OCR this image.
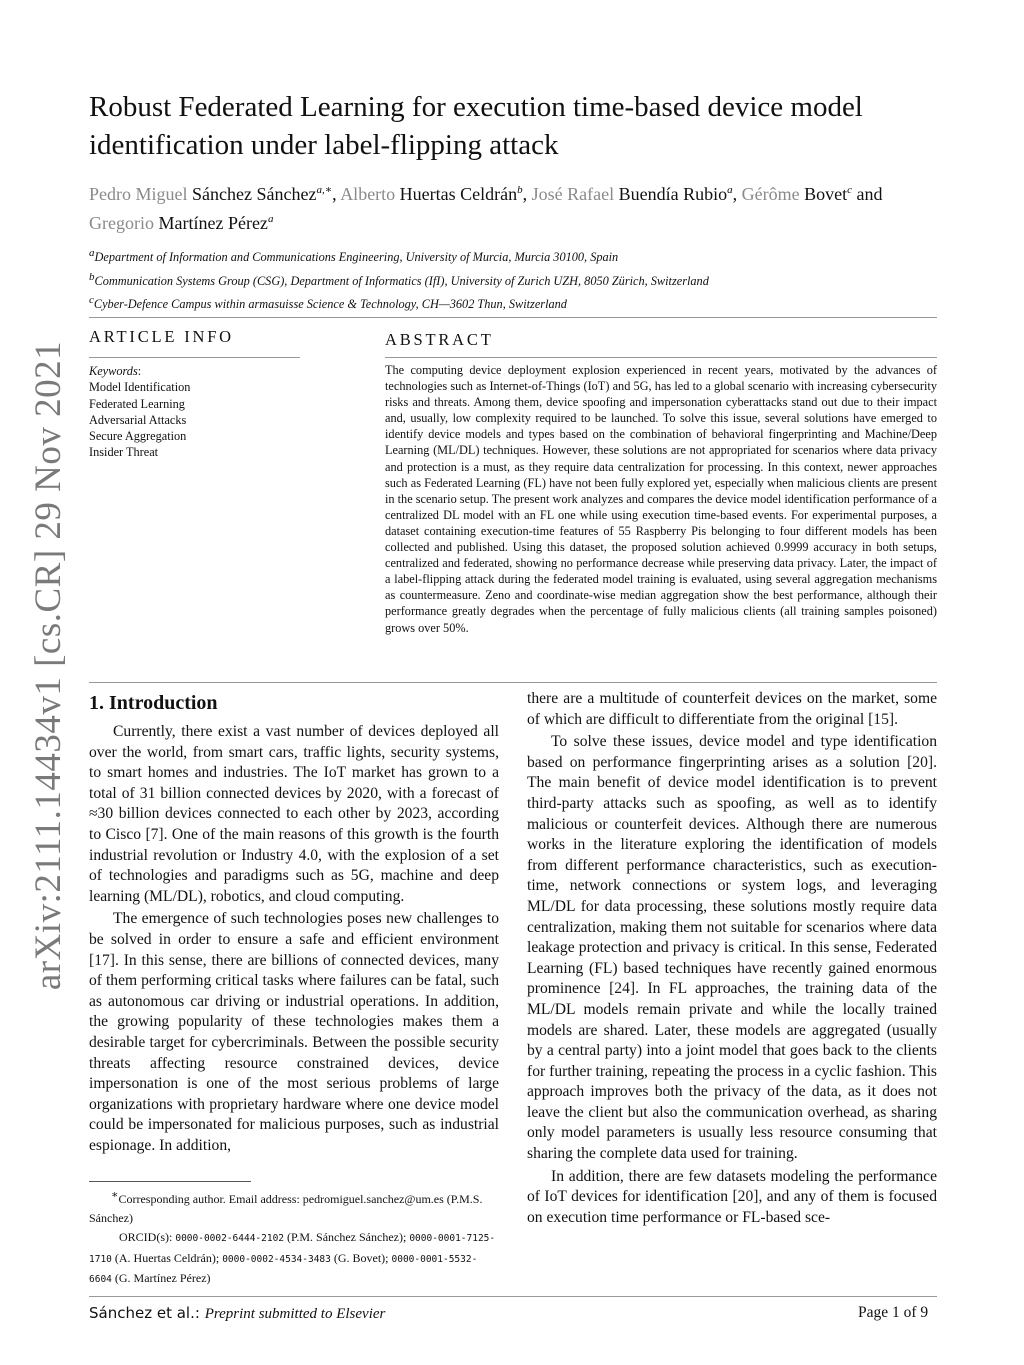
arXiv:2111.14434v1 [cs.CR] 29 Nov 2021
Robust Federated Learning for execution time-based device model identification under label-flipping attack
Pedro Miguel Sánchez Sánchez$^{a,∗}$, Alberto Huertas Celdrán$^b$, José Rafael Buendía Rubio$^a$, Gérôme Bovet$^c$ and Gregorio Martínez Pérez$^a$
aDepartment of Information and Communications Engineering, University of Murcia, Murcia 30100, Spain
bCommunication Systems Group (CSG), Department of Informatics (IfI), University of Zurich UZH, 8050 Zürich, Switzerland
cCyber-Defence Campus within armasuisse Science & Technology, CH—3602 Thun, Switzerland
ARTICLE INFO
Keywords:
Model Identification
Federated Learning
Adversarial Attacks
Secure Aggregation
Insider Threat
ABSTRACT
The computing device deployment explosion experienced in recent years, motivated by the advances of technologies such as Internet-of-Things (IoT) and 5G, has led to a global scenario with increasing cybersecurity risks and threats. Among them, device spoofing and impersonation cyberattacks stand out due to their impact and, usually, low complexity required to be launched. To solve this issue, several solutions have emerged to identify device models and types based on the combination of behavioral fingerprinting and Machine/Deep Learning (ML/DL) techniques. However, these solutions are not appropriated for scenarios where data privacy and protection is a must, as they require data centralization for processing. In this context, newer approaches such as Federated Learning (FL) have not been fully explored yet, especially when malicious clients are present in the scenario setup. The present work analyzes and compares the device model identification performance of a centralized DL model with an FL one while using execution time-based events. For experimental purposes, a dataset containing execution-time features of 55 Raspberry Pis belonging to four different models has been collected and published. Using this dataset, the proposed solution achieved 0.9999 accuracy in both setups, centralized and federated, showing no performance decrease while preserving data privacy. Later, the impact of a label-flipping attack during the federated model training is evaluated, using several aggregation mechanisms as countermeasure. Zeno and coordinate-wise median aggregation show the best performance, although their performance greatly degrades when the percentage of fully malicious clients (all training samples poisoned) grows over 50%.
1. Introduction

Currently, there exist a vast number of devices deployed all over the world, from smart cars, traffic lights, security systems, to smart homes and industries. The IoT market has grown to a total of 31 billion connected devices by 2020, with a forecast of ≈30 billion devices connected to each other by 2023, according to Cisco [7]. One of the main reasons of this growth is the fourth industrial revolution or Industry 4.0, with the explosion of a set of technologies and paradigms such as 5G, machine and deep learning (ML/DL), robotics, and cloud computing.

The emergence of such technologies poses new challenges to be solved in order to ensure a safe and efficient environment [17]. In this sense, there are billions of connected devices, many of them performing critical tasks where failures can be fatal, such as autonomous car driving or industrial operations. In addition, the growing popularity of these technologies makes them a desirable target for cybercriminals. Between the possible security threats affecting resource constrained devices, device impersonation is one of the most serious problems of large organizations with proprietary hardware where one device model could be impersonated for malicious purposes, such as industrial espionage. In addition,

there are a multitude of counterfeit devices on the market, some of which are difficult to differentiate from the original [15].

To solve these issues, device model and type identification based on performance fingerprinting arises as a solution [20]. The main benefit of device model identification is to prevent third-party attacks such as spoofing, as well as to identify malicious or counterfeit devices. Although there are numerous works in the literature exploring the identification of models from different performance characteristics, such as execution-time, network connections or system logs, and leveraging ML/DL for data processing, these solutions mostly require data centralization, making them not suitable for scenarios where data leakage protection and privacy is critical. In this sense, Federated Learning (FL) based techniques have recently gained enormous prominence [24]. In FL approaches, the training data of the ML/DL models remain private and while the locally trained models are shared. Later, these models are aggregated (usually by a central party) into a joint model that goes back to the clients for further training, repeating the process in a cyclic fashion. This approach improves both the privacy of the data, as it does not leave the client but also the communication overhead, as sharing only model parameters is usually less resource consuming that sharing the complete data used for training.

In addition, there are few datasets modeling the performance of IoT devices for identification [20], and any of them is focused on execution time performance or FL-based sce-

∗Corresponding author. Email address: pedromiguel.sanchez@um.es (P.M.S. Sánchez)

ORCID(s): 0000-0002-6444-2102 (P.M. Sánchez Sánchez); 0000-0001-7125-1710 (A. Huertas Celdrán); 0000-0002-4534-3483 (G. Bovet); 0000-0001-5532-6604 (G. Martínez Pérez)

Sánchez et al.: Preprint submitted to Elsevier	Page 1 of 9
